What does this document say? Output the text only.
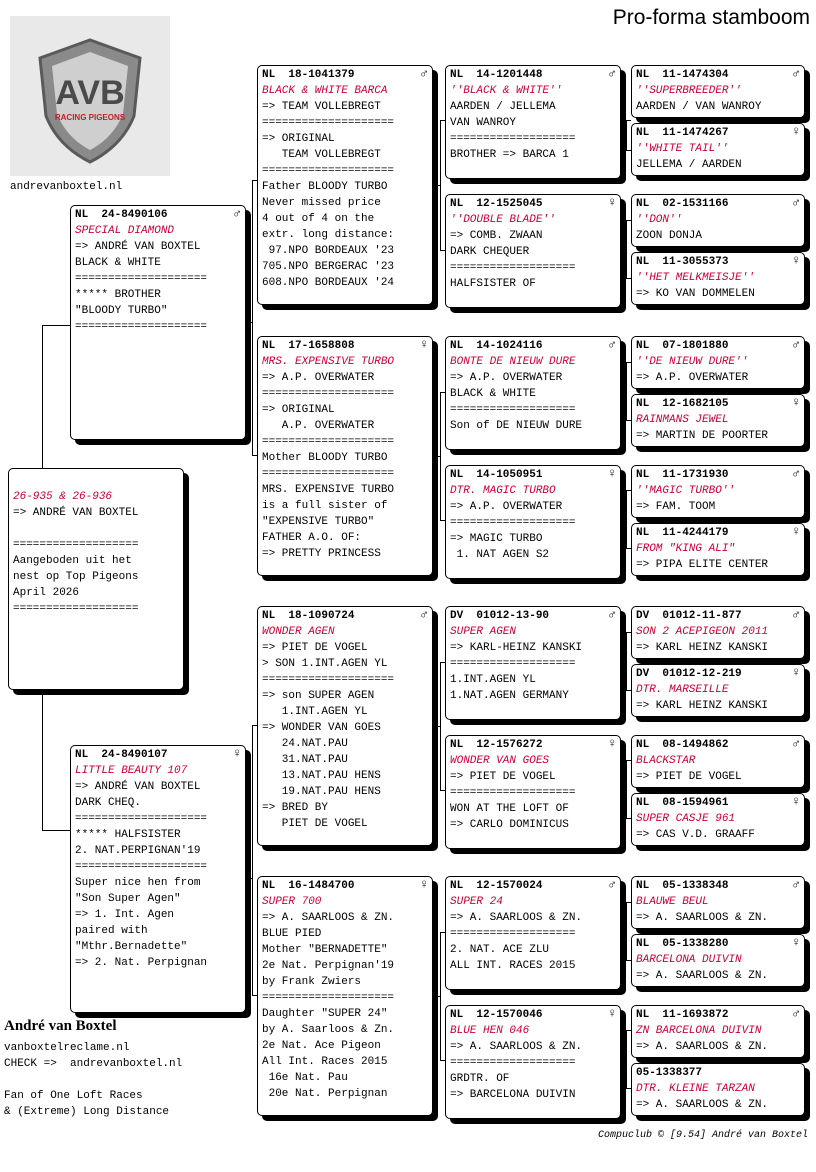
Pro-forma stamboom
AVB
RACING PIGEONS
andrevanboxtel.nl
26-935 & 26-936
=> ANDRÉ VAN BOXTEL
===================
Aangeboden uit het
nest op Top Pigeons
April 2026
===================
NL  24-8490106	♂
SPECIAL DIAMOND
=> ANDRÉ VAN BOXTEL
BLACK & WHITE
====================
***** BROTHER
"BLOODY TURBO"
====================
NL  24-8490107	♀
LITTLE BEAUTY 107
=> ANDRÉ VAN BOXTEL
DARK CHEQ.
====================
***** HALFSISTER
2. NAT.PERPIGNAN'19
====================
Super nice hen from
"Son Super Agen"
=> 1. Int. Agen
paired with
"Mthr.Bernadette"
=> 2. Nat. Perpignan
NL  18-1041379	♂
BLACK & WHITE BARCA
=> TEAM VOLLEBREGT
====================
=> ORIGINAL
TEAM VOLLEBREGT
====================
Father BLOODY TURBO
Never missed price
4 out of 4 on the
extr. long distance:
97.NPO BORDEAUX '23
705.NPO BERGERAC '23
608.NPO BORDEAUX '24
NL  17-1658808	♀
MRS. EXPENSIVE TURBO
=> A.P. OVERWATER
====================
=> ORIGINAL
A.P. OVERWATER
====================
Mother BLOODY TURBO
====================
MRS. EXPENSIVE TURBO
is a full sister of
"EXPENSIVE TURBO"
FATHER A.O. OF:
=> PRETTY PRINCESS
NL  18-1090724	♂
WONDER AGEN
=> PIET DE VOGEL
> SON 1.INT.AGEN YL
====================
=> son SUPER AGEN
1.INT.AGEN YL
=> WONDER VAN GOES
24.NAT.PAU
31.NAT.PAU
13.NAT.PAU HENS
19.NAT.PAU HENS
=> BRED BY
PIET DE VOGEL
NL  16-1484700	♀
SUPER 700
=> A. SAARLOOS & ZN.
BLUE PIED
Mother "BERNADETTE"
2e Nat. Perpignan'19
by Frank Zwiers
====================
Daughter "SUPER 24"
by A. Saarloos & Zn.
2e Nat. Ace Pigeon
All Int. Races 2015
16e Nat. Pau
20e Nat. Perpignan
NL  14-1201448	♂
''BLACK & WHITE''
AARDEN / JELLEMA
VAN WANROY
===================
BROTHER => BARCA 1
NL  12-1525045	♀
''DOUBLE BLADE''
=> COMB. ZWAAN
DARK CHEQUER
===================
HALFSISTER OF
NL  14-1024116	♂
BONTE DE NIEUW DURE
=> A.P. OVERWATER
BLACK & WHITE
===================
Son of DE NIEUW DURE
NL  14-1050951	♀
DTR. MAGIC TURBO
=> A.P. OVERWATER
===================
=> MAGIC TURBO
1. NAT AGEN S2
DV  01012-13-90	♂
SUPER AGEN
=> KARL-HEINZ KANSKI
===================
1.INT.AGEN YL
1.NAT.AGEN GERMANY
NL  12-1576272	♀
WONDER VAN GOES
=> PIET DE VOGEL
===================
WON AT THE LOFT OF
=> CARLO DOMINICUS
NL  12-1570024	♂
SUPER 24
=> A. SAARLOOS & ZN.
===================
2. NAT. ACE ZLU
ALL INT. RACES 2015
NL  12-1570046	♀
BLUE HEN 046
=> A. SAARLOOS & ZN.
===================
GRDTR. OF
=> BARCELONA DUIVIN
NL  11-1474304	♂
''SUPERBREEDER''
AARDEN / VAN WANROY
NL  11-1474267	♀
''WHITE TAIL''
JELLEMA / AARDEN
NL  02-1531166	♂
''DON''
ZOON DONJA
NL  11-3055373	♀
''HET MELKMEISJE''
=> KO VAN DOMMELEN
NL  07-1801880	♂
''DE NIEUW DURE''
=> A.P. OVERWATER
NL  12-1682105	♀
RAINMANS JEWEL
=> MARTIN DE POORTER
NL  11-1731930	♂
''MAGIC TURBO''
=> FAM. TOOM
NL  11-4244179	♀
FROM "KING ALI"
=> PIPA ELITE CENTER
DV  01012-11-877	♂
SON 2 ACEPIGEON 2011
=> KARL HEINZ KANSKI
DV  01012-12-219	♀
DTR. MARSEILLE
=> KARL HEINZ KANSKI
NL  08-1494862	♂
BLACKSTAR
=> PIET DE VOGEL
NL  08-1594961	♀
SUPER CASJE 961
=> CAS V.D. GRAAFF
NL  05-1338348	♂
BLAUWE BEUL
=> A. SAARLOOS & ZN.
NL  05-1338280	♀
BARCELONA DUIVIN
=> A. SAARLOOS & ZN.
NL  11-1693872	♂
ZN BARCELONA DUIVIN
=> A. SAARLOOS & ZN.
05-1338377
DTR. KLEINE TARZAN
=> A. SAARLOOS & ZN.
André van Boxtel
vanboxtelreclame.nl
CHECK =>  andrevanboxtel.nl
Fan of One Loft Races
& (Extreme) Long Distance
Compuclub © [9.54] André van Boxtel
